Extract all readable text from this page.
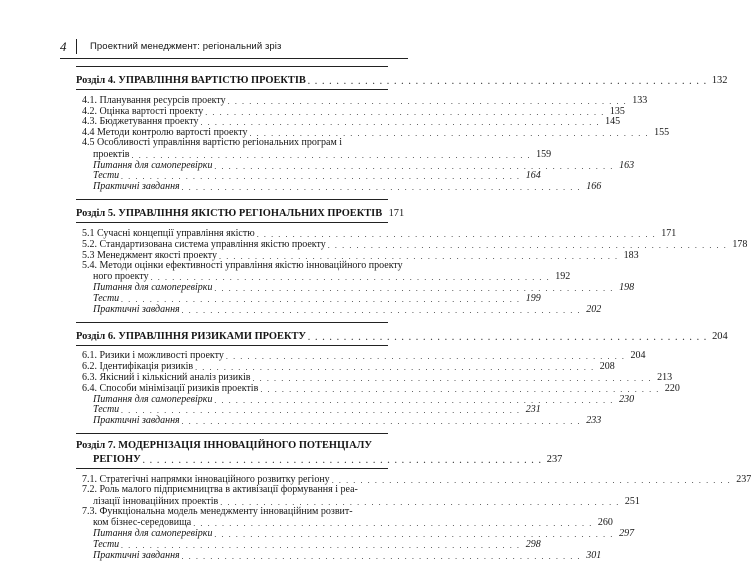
4 Проектний менеджмент: регіональний зріз
Розділ 4. УПРАВЛІННЯ ВАРТІСТЮ ПРОЕКТІВ . . . . . . . . . . . . . . . . . . . . . . . . . . . . . . . . . . . . . . . . . . . . . . . . . . . . . . . . 132
4.1. Планування ресурсів проекту . . . . . . . . . . . . . . . . . . . . . . . . . . . . . . . . . . . . . . . . . . . . . . . . . . . . . . . . 133
4.2. Оцінка вартості проекту . . . . . . . . . . . . . . . . . . . . . . . . . . . . . . . . . . . . . . . . . . . . . . . . . . . . . . . . 135
4.3. Бюджетування проекту . . . . . . . . . . . . . . . . . . . . . . . . . . . . . . . . . . . . . . . . . . . . . . . . . . . . . . . . 145
4.4 Методи контролю вартості проекту . . . . . . . . . . . . . . . . . . . . . . . . . . . . . . . . . . . . . . . . . . . . . . . . . . . . . . . . 155
4.5 Особливості управління вартістю регіональних програм і
проектів . . . . . . . . . . . . . . . . . . . . . . . . . . . . . . . . . . . . . . . . . . . . . . . . . . . . . . . . 159
Питання для самоперевірки . . . . . . . . . . . . . . . . . . . . . . . . . . . . . . . . . . . . . . . . . . . . . . . . . . . . . . . . 163
Тести . . . . . . . . . . . . . . . . . . . . . . . . . . . . . . . . . . . . . . . . . . . . . . . . . . . . . . . . 164
Практичні завдання . . . . . . . . . . . . . . . . . . . . . . . . . . . . . . . . . . . . . . . . . . . . . . . . . . . . . . . . 166
Розділ 5. УПРАВЛІННЯ ЯКІСТЮ РЕГІОНАЛЬНИХ ПРОЕКТІВ 171
5.1 Сучасні концепції управління якістю . . . . . . . . . . . . . . . . . . . . . . . . . . . . . . . . . . . . . . . . . . . . . . . . . . . . . . . . 171
5.2. Стандартизована система управління якістю проекту . . . . . . . . . . . . . . . . . . . . . . . . . . . . . . . . . . . . . . . . . . . . . . . . . . . . . . . . 178
5.3 Менеджмент якості проекту . . . . . . . . . . . . . . . . . . . . . . . . . . . . . . . . . . . . . . . . . . . . . . . . . . . . . . . . 183
5.4. Методи оцінки ефективності управління якістю інноваційного проекту
ного проекту . . . . . . . . . . . . . . . . . . . . . . . . . . . . . . . . . . . . . . . . . . . . . . . . . . . . . . . . 192
Питання для самоперевірки . . . . . . . . . . . . . . . . . . . . . . . . . . . . . . . . . . . . . . . . . . . . . . . . . . . . . . . . 198
Тести . . . . . . . . . . . . . . . . . . . . . . . . . . . . . . . . . . . . . . . . . . . . . . . . . . . . . . . . 199
Практичні завдання . . . . . . . . . . . . . . . . . . . . . . . . . . . . . . . . . . . . . . . . . . . . . . . . . . . . . . . . 202
Розділ 6. УПРАВЛІННЯ РИЗИКАМИ ПРОЕКТУ . . . . . . . . . . . . . . . . . . . . . . . . . . . . . . . . . . . . . . . . . . . . . . . . . . . . . . . . 204
6.1. Ризики і можливості проекту . . . . . . . . . . . . . . . . . . . . . . . . . . . . . . . . . . . . . . . . . . . . . . . . . . . . . . . . 204
6.2. Ідентифікація ризиків . . . . . . . . . . . . . . . . . . . . . . . . . . . . . . . . . . . . . . . . . . . . . . . . . . . . . . . . 208
6.3. Якісний і кількісний аналіз ризиків . . . . . . . . . . . . . . . . . . . . . . . . . . . . . . . . . . . . . . . . . . . . . . . . . . . . . . . . 213
6.4. Способи мінімізації ризиків проектів . . . . . . . . . . . . . . . . . . . . . . . . . . . . . . . . . . . . . . . . . . . . . . . . . . . . . . . . 220
Питання для самоперевірки . . . . . . . . . . . . . . . . . . . . . . . . . . . . . . . . . . . . . . . . . . . . . . . . . . . . . . . . 230
Тести . . . . . . . . . . . . . . . . . . . . . . . . . . . . . . . . . . . . . . . . . . . . . . . . . . . . . . . . 231
Практичні завдання . . . . . . . . . . . . . . . . . . . . . . . . . . . . . . . . . . . . . . . . . . . . . . . . . . . . . . . . 233
Розділ 7. МОДЕРНІЗАЦІЯ ІННОВАЦІЙНОГО ПОТЕНЦІАЛУ
РЕГІОНУ . . . . . . . . . . . . . . . . . . . . . . . . . . . . . . . . . . . . . . . . . . . . . . . . . . . . . . . . 237
7.1. Стратегічні напрямки інноваційного розвитку регіону . . . . . . . . . . . . . . . . . . . . . . . . . . . . . . . . . . . . . . . . . . . . . . . . . . . . . . . . 237
7.2. Роль малого підприємництва в активізації формування і реа-
лізації інноваційних проектів . . . . . . . . . . . . . . . . . . . . . . . . . . . . . . . . . . . . . . . . . . . . . . . . . . . . . . . . 251
7.3. Функціональна модель менеджменту інноваційним розвит-
ком бізнес-середовища . . . . . . . . . . . . . . . . . . . . . . . . . . . . . . . . . . . . . . . . . . . . . . . . . . . . . . . . 260
Питання для самоперевірки . . . . . . . . . . . . . . . . . . . . . . . . . . . . . . . . . . . . . . . . . . . . . . . . . . . . . . . . 297
Тести . . . . . . . . . . . . . . . . . . . . . . . . . . . . . . . . . . . . . . . . . . . . . . . . . . . . . . . . 298
Практичні завдання . . . . . . . . . . . . . . . . . . . . . . . . . . . . . . . . . . . . . . . . . . . . . . . . . . . . . . . . 301
